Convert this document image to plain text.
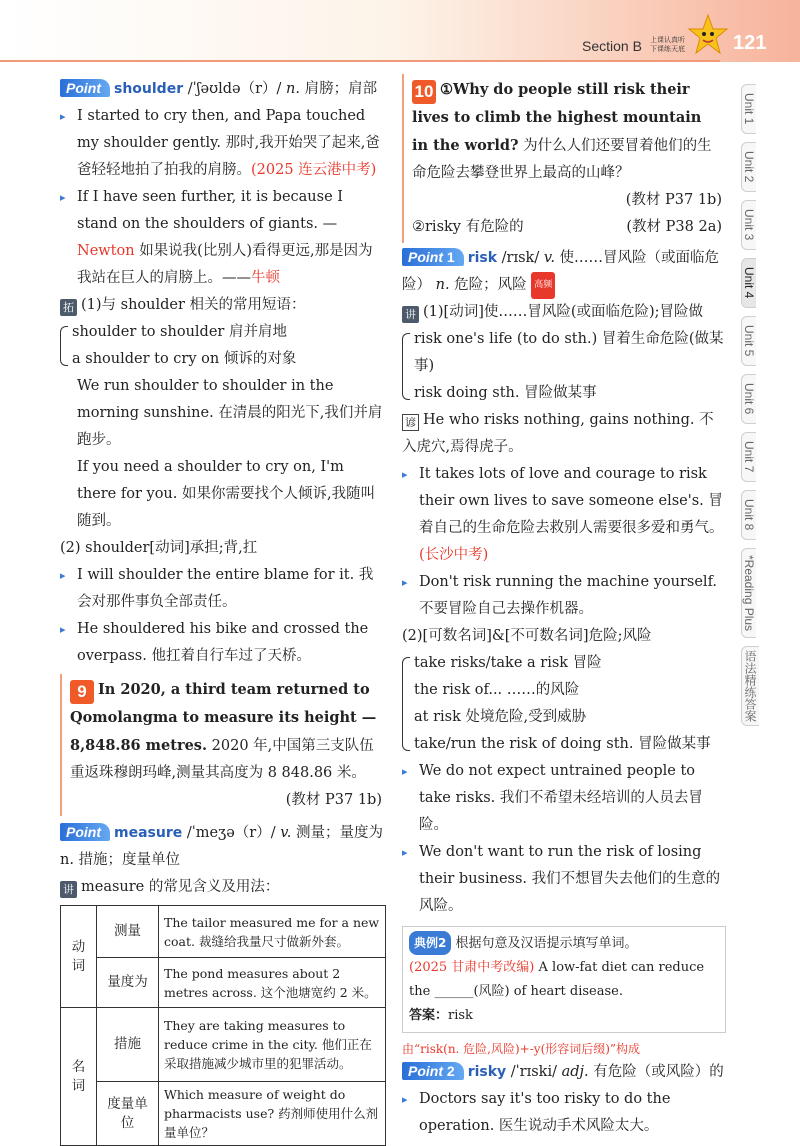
Section B 上课认真听
下课练天底 121
Unit 1
Unit 2
Unit 3
Unit 4
Unit 5
Unit 6
Unit 7
Unit 8
*Reading Plus
语法精练答案

Point shoulder /ˈʃəʊldə（r）/ n. 肩膀；肩部

▸ I started to cry then, and Papa touched my shoulder gently. 那时,我开始哭了起来,爸爸轻轻地拍了拍我的肩膀。(2025 连云港中考)

▸ If I have seen further, it is because I stand on the shoulders of giants. —Newton 如果说我(比别人)看得更远,那是因为我站在巨人的肩膀上。——牛顿

拓 (1)与 shoulder 相关的常用短语：

shoulder to shoulder 肩并肩地

a shoulder to cry on 倾诉的对象

We run shoulder to shoulder in the morning sunshine. 在清晨的阳光下,我们并肩跑步。

If you need a shoulder to cry on, I'm there for you. 如果你需要找个人倾诉,我随叫随到。

(2) shoulder[动词]承担;背,扛

▸ I will shoulder the entire blame for it. 我会对那件事负全部责任。

▸ He shouldered his bike and crossed the overpass. 他扛着自行车过了天桥。

9 In 2020, a third team returned to Qomolangma to measure its height — 8,848.86 metres. 2020 年,中国第三支队伍重返珠穆朗玛峰,测量其高度为 8 848.86 米。

(教材 P37 1b)

Point measure /ˈmeʒə（r）/ v. 测量；量度为

n. 措施；度量单位

讲 measure 的常见含义及用法：

动词	测量	The tailor measured me for a new coat. 裁缝给我量尺寸做新外套。
	量度为	The pond measures about 2 metres across. 这个池塘宽约 2 米。
名词	措施	They are taking measures to reduce crime in the city. 他们正在采取措施减少城市里的犯罪活动。
	度量单位	Which measure of weight do pharmacists use? 药剂师使用什么剂量单位？

10 ①Why do people still risk their lives to climb the highest mountain in the world? 为什么人们还要冒着他们的生命危险去攀登世界上最高的山峰？

(教材 P37 1b)

②risky 有危险的	(教材 P38 2a)

Point 1 risk /rɪsk/ v. 使……冒风险（或面临危险） n. 危险；风险 高频

讲 (1)[动词]使……冒风险(或面临危险);冒险做

risk one's life (to do sth.) 冒着生命危险(做某事)

risk doing sth. 冒险做某事

谚 He who risks nothing, gains nothing. 不入虎穴,焉得虎子。

▸ It takes lots of love and courage to risk their own lives to save someone else's. 冒着自己的生命危险去救别人需要很多爱和勇气。(长沙中考)

▸ Don't risk running the machine yourself. 不要冒险自己去操作机器。

(2)[可数名词]&[不可数名词]危险;风险

take risks/take a risk 冒险

the risk of... ……的风险

at risk 处境危险,受到威胁

take/run the risk of doing sth. 冒险做某事

▸ We do not expect untrained people to take risks. 我们不希望未经培训的人员去冒险。

▸ We don't want to run the risk of losing their business. 我们不想冒失去他们的生意的风险。

典例2 根据句意及汉语提示填写单词。

(2025 甘肃中考改编) A low-fat diet can reduce the ______(风险) of heart disease.

答案：risk

由“risk(n. 危险,风险)+-y(形容词后缀)”构成

Point 2 risky /ˈrɪski/ adj. 有危险（或风险）的

▸ Doctors say it's too risky to do the operation. 医生说动手术风险太大。
